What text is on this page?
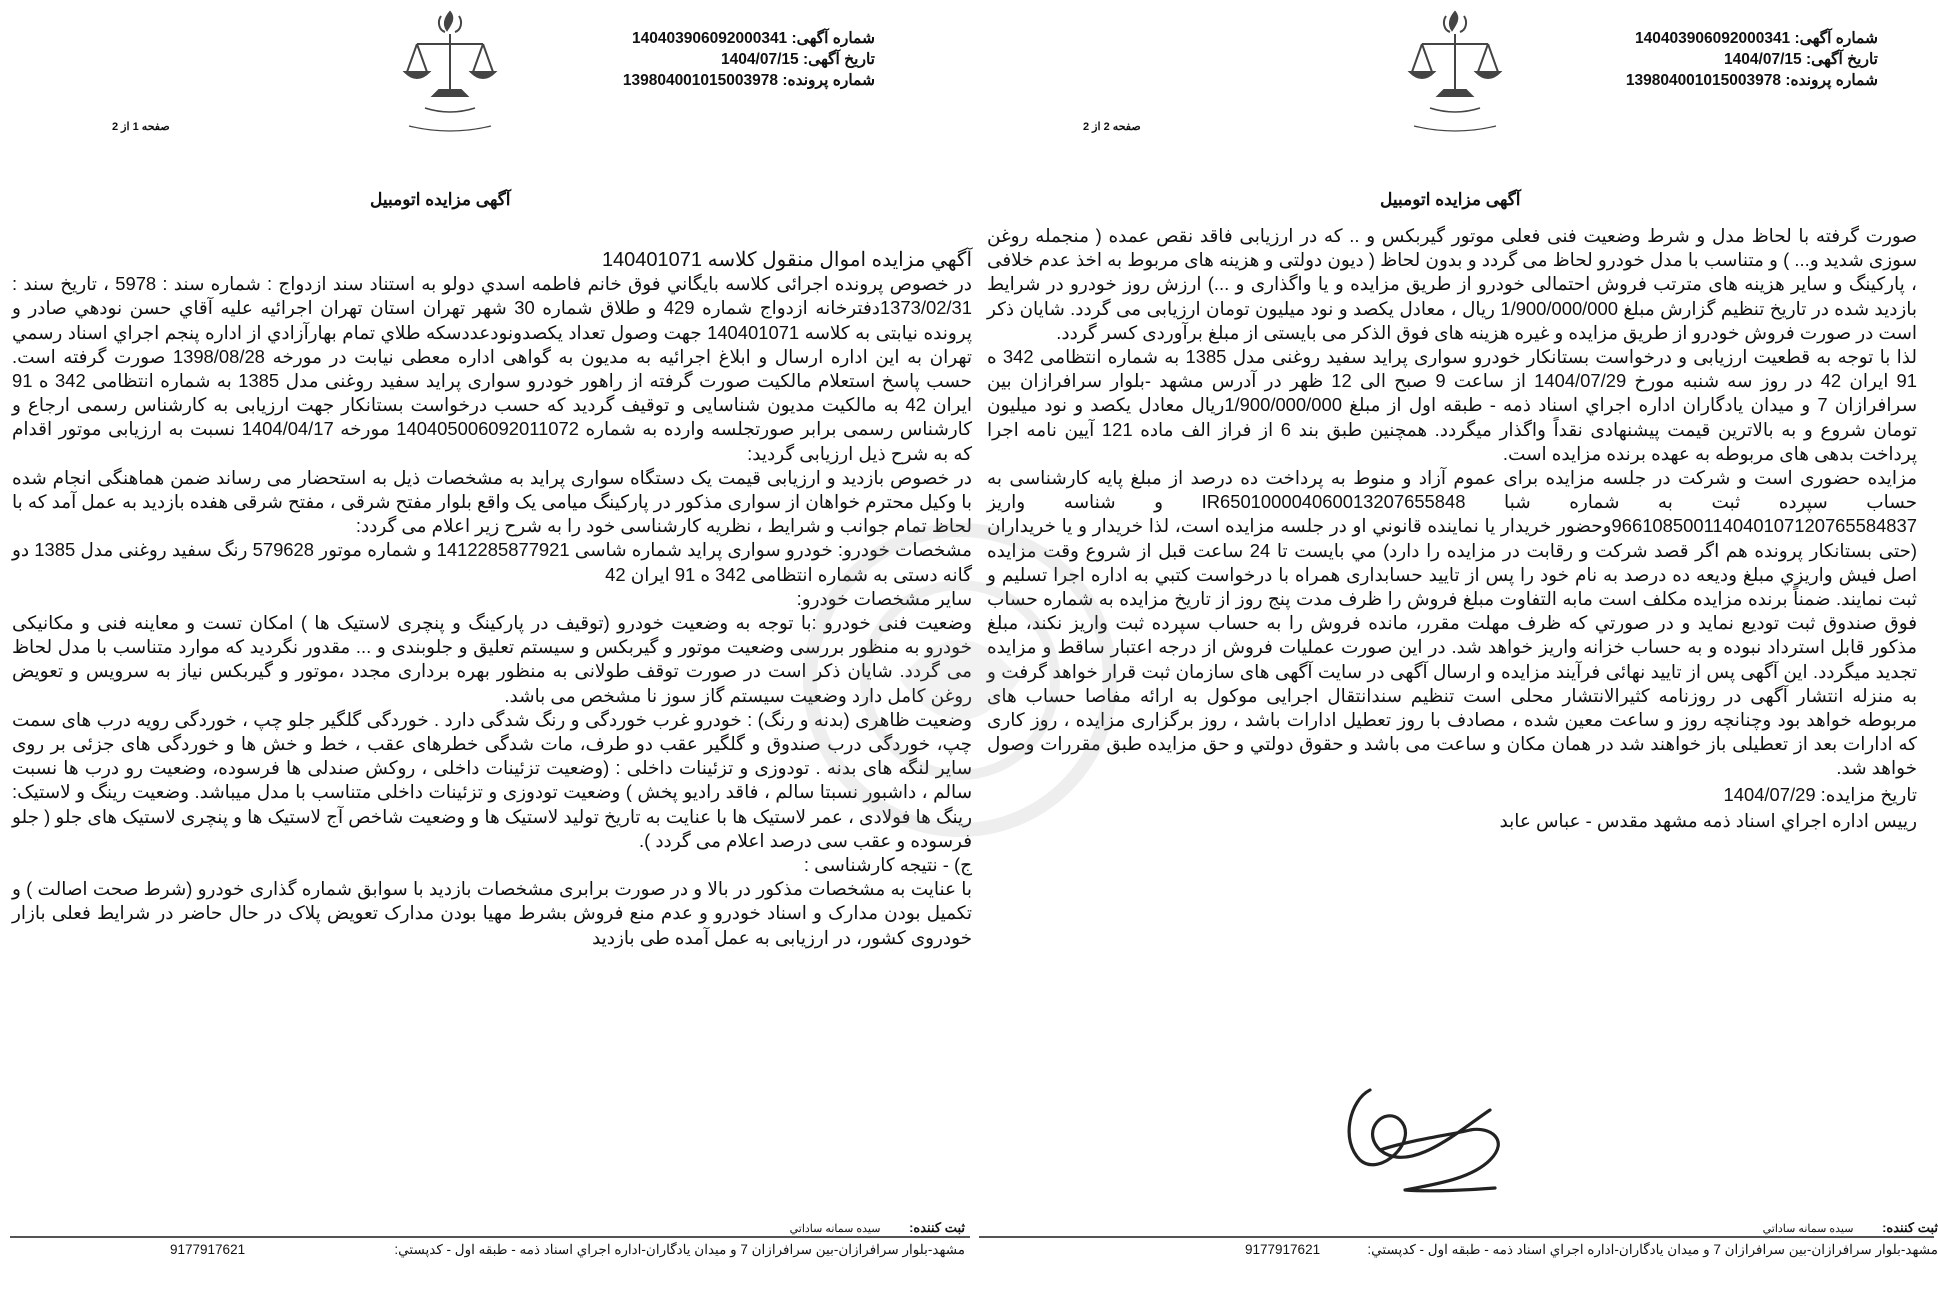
شماره آگهی: 140403906092000341
تاريخ آگهی: 1404/07/15
شماره پرونده: 139804001015003978
صفحه 1 از 2
آگهی مزایده اتومبیل

آگهي مزايده اموال منقول كلاسه 140401071

در خصوص پرونده اجرائی كلاسه بايگاني فوق خانم فاطمه اسدي دولو به استناد سند ازدواج : شماره سند : 5978 ، تاريخ سند : 1373/02/31دفترخانه ازدواج شماره 429 و طلاق شماره 30 شهر تهران استان تهران اجرائيه عليه آقاي حسن نودهي صادر و پرونده نيابتی به كلاسه 140401071 جهت وصول تعداد يكصدونودعددسكه طلاي تمام بهارآزادي از اداره پنجم اجراي اسناد رسمي تهران به اين اداره ارسال و ابلاغ اجرائيه به مديون به گواهی اداره معطی نيابت در مورخه 1398/08/28 صورت گرفته است. حسب پاسخ استعلام مالكيت صورت گرفته از راهور خودرو سواری پرايد سفيد روغنی مدل 1385 به شماره انتظامی 342 ه 91 ايران 42 به مالكيت مديون شناسايی و توقيف گرديد كه حسب درخواست بستانكار جهت ارزيابی به كارشناس رسمی ارجاع و كارشناس رسمی برابر صورتجلسه وارده به شماره 140405006092011072 مورخه 1404/04/17 نسبت به ارزيابی موتور اقدام كه به شرح ذيل ارزيابی گرديد:

در خصوص بازديد و ارزيابی قيمت يک دستگاه سواری پرايد به مشخصات ذيل به استحضار می رساند ضمن هماهنگی انجام شده با وكيل محترم خواهان از سواری مذكور در پاركينگ ميامی يک واقع بلوار مفتح شرقی ، مفتح شرقی هفده بازديد به عمل آمد كه با لحاظ تمام جوانب و شرايط ، نظريه كارشناسی خود را به شرح زير اعلام می گردد:

مشخصات خودرو: خودرو سواری پرايد شماره شاسی 1412285877921 و شماره موتور 579628 رنگ سفيد روغنی مدل 1385 دو گانه دستی به شماره انتظامی 342 ه 91 ايران 42

ساير مشخصات خودرو:

وضعيت فنی خودرو :با توجه به وضعيت خودرو (توقيف در پاركينگ و پنچری لاستيک ها ) امكان تست و معاينه فنی و مكانيكی خودرو به منظور بررسی وضعيت موتور و گيربكس و سيستم تعليق و جلوبندی و ... مقدور نگرديد كه موارد متناسب با مدل لحاظ می گردد. شايان ذكر است در صورت توقف طولانی به منظور بهره برداری مجدد ،موتور و گيربكس نياز به سرويس و تعويض روغن كامل دارد وضعيت سيستم گاز سوز نا مشخص می باشد.

وضعيت ظاهری (بدنه و رنگ) : خودرو غرب خوردگی و رنگ شدگی دارد . خوردگی گلگير جلو چپ ، خوردگی رويه درب های سمت چپ، خوردگی درب صندوق و گلگير عقب دو طرف، مات شدگی خطرهای عقب ، خط و خش ها و خوردگی های جزئی بر روی ساير لنگه های بدنه . تودوزی و تزئينات داخلی : (وضعيت تزئينات داخلی ، روكش صندلی ها فرسوده، وضعيت رو درب ها نسبت سالم ، داشبور نسبتا سالم ، فاقد راديو پخش ) وضعيت تودوزی و تزئينات داخلی متناسب با مدل ميباشد. وضعيت رينگ و لاستيک: رينگ ها فولادی ، عمر لاستيک ها با عنايت به تاريخ توليد لاستيک ها و وضعيت شاخص آج لاستيک ها و پنچری لاستيک های جلو ( جلو فرسوده و عقب سی درصد اعلام می گردد ).

ج) - نتيجه كارشناسی :

با عنايت به مشخصات مذكور در بالا و در صورت برابری مشخصات بازديد با سوابق شماره گذاری خودرو (شرط صحت اصالت ) و تكميل بودن مدارک و اسناد خودرو و عدم منع فروش بشرط مهيا بودن مدارک تعويض پلاک در حال حاضر در شرايط فعلی بازار خودروی كشور، در ارزيابی به عمل آمده طی بازديد

ثبت کننده: سيده سمانه ساداتي
مشهد-بلوار سرافرازان-بين سرافرازان 7 و ميدان يادگاران-اداره اجراي اسناد ذمه - طبقه اول - کدپستي:
9177917621
شماره آگهی: 140403906092000341
تاريخ آگهی: 1404/07/15
شماره پرونده: 139804001015003978
صفحه 2 از 2
آگهی مزایده اتومبیل

صورت گرفته با لحاظ مدل و شرط وضعيت فنی فعلی موتور گيربكس و .. كه در ارزيابی فاقد نقص عمده ( منجمله روغن سوزی شديد و... ) و متناسب با مدل خودرو لحاظ می گردد و بدون لحاظ ( ديون دولتی و هزينه های مربوط به اخذ عدم خلافی ، پاركينگ و ساير هزينه های مترتب فروش احتمالی خودرو از طريق مزايده و يا واگذاری و ...) ارزش روز خودرو در شرايط بازديد شده در تاريخ تنظيم گزارش مبلغ 1/900/000/000 ريال ، معادل يكصد و نود ميليون تومان ارزيابی می گردد. شايان ذكر است در صورت فروش خودرو از طريق مزايده و غيره هزينه های فوق الذكر می بايستی از مبلغ برآوردی كسر گردد.

لذا با توجه به قطعيت ارزيابی و درخواست بستانكار خودرو سواری پرايد سفيد روغنی مدل 1385 به شماره انتظامی 342 ه 91 ايران 42 در روز سه شنبه مورخ 1404/07/29 از ساعت 9 صبح الی 12 ظهر در آدرس مشهد -بلوار سرافرازان بين سرافرازان 7 و ميدان يادگاران اداره اجراي اسناد ذمه - طبقه اول از مبلغ 1/900/000/000ريال معادل يكصد و نود ميليون تومان شروع و به بالاترين قيمت پيشنهادی نقداً واگذار ميگردد. همچنين طبق بند 6 از فراز الف ماده 121 آيين نامه اجرا پرداخت بدهی های مربوطه به عهده برنده مزايده است.

مزايده حضوری است و شركت در جلسه مزايده برای عموم آزاد و منوط به پرداخت ده درصد از مبلغ پايه كارشناسی به حساب سپرده ثبت به شماره شبا IR650100004060013207655848 و شناسه واريز 966108500114040107120765584837وحضور خريدار يا نماينده قانوني او در جلسه مزايده است، لذا خريدار و يا خريداران (حتی بستانكار پرونده هم اگر قصد شركت و رقابت در مزايده را دارد) مي بايست تا 24 ساعت قبل از شروع وقت مزايده اصل فيش واريزي مبلغ وديعه ده درصد به نام خود را پس از تاييد حسابداری همراه با درخواست كتبي به اداره اجرا تسليم و ثبت نمايند. ضمناً برنده مزايده مكلف است مابه التفاوت مبلغ فروش را ظرف مدت پنج روز از تاريخ مزايده به شماره حساب فوق صندوق ثبت توديع نمايد و در صورتي كه ظرف مهلت مقرر، مانده فروش را به حساب سپرده ثبت واريز نكند، مبلغ مذكور قابل استرداد نبوده و به حساب خزانه واريز خواهد شد. در اين صورت عمليات فروش از درجه اعتبار ساقط و مزايده تجديد ميگردد. اين آگهی پس از تاييد نهائی فرآيند مزايده و ارسال آگهی در سايت آگهی های سازمان ثبت قرار خواهد گرفت و به منزله انتشار آگهی در روزنامه كثيرالانتشار محلی است تنظيم سندانتقال اجرايی موكول به ارائه مفاصا حساب های مربوطه خواهد بود وچنانچه روز و ساعت معين شده ، مصادف با روز تعطيل ادارات باشد ، روز برگزاری مزايده ، روز كاری كه ادارات بعد از تعطيلی باز خواهند شد در همان مكان و ساعت می باشد و حقوق دولتي و حق مزايده طبق مقررات وصول خواهد شد.

تاريخ مزايده: 1404/07/29

رييس اداره اجراي اسناد ذمه مشهد مقدس - عباس عابد

ثبت کننده: سيده سمانه ساداتي
مشهد-بلوار سرافرازان-بين سرافرازان 7 و ميدان يادگاران-اداره اجراي اسناد ذمه - طبقه اول - کدپستي:
9177917621
